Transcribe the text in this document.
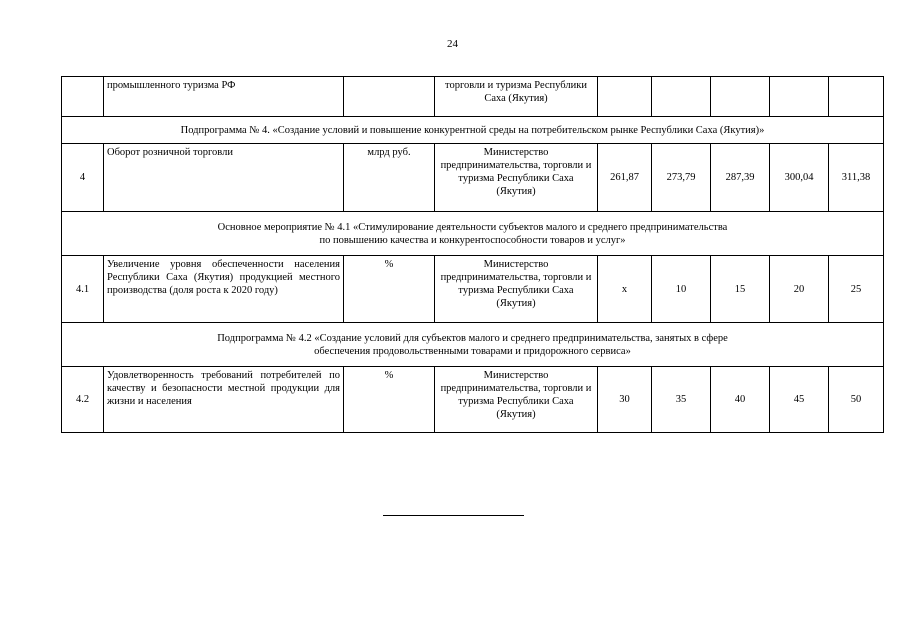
24
	промышленного туризма РФ		торговли и туризма Республики Саха (Якутия)					
Подпрограмма № 4. «Создание условий и повышение конкурентной среды на потребительском рынке Республики Саха (Якутия)»								
4	Оборот розничной торговли	млрд руб.	Министерство предпринимательства, торговли и туризма Республики Саха (Якутия)	261,87	273,79	287,39	300,04	311,38
Основное мероприятие № 4.1 «Стимулирование деятельности субъектов малого и среднего предпринимательства по повышению качества и конкурентоспособности товаров и услуг»								
4.1	Увеличение уровня обеспеченности населения Республики Саха (Якутия) продукцией местного производства (доля роста к 2020 году)	%	Министерство предпринимательства, торговли и туризма Республики Саха (Якутия)	х	10	15	20	25
Подпрограмма № 4.2 «Создание условий для субъектов малого и среднего предпринимательства, занятых в сфере обеспечения продовольственными товарами и придорожного сервиса»								
4.2	Удовлетворенность требований потребителей по качеству и безопасности местной продукции для жизни и населения	%	Министерство предпринимательства, торговли и туризма Республики Саха (Якутия)	30	35	40	45	50
